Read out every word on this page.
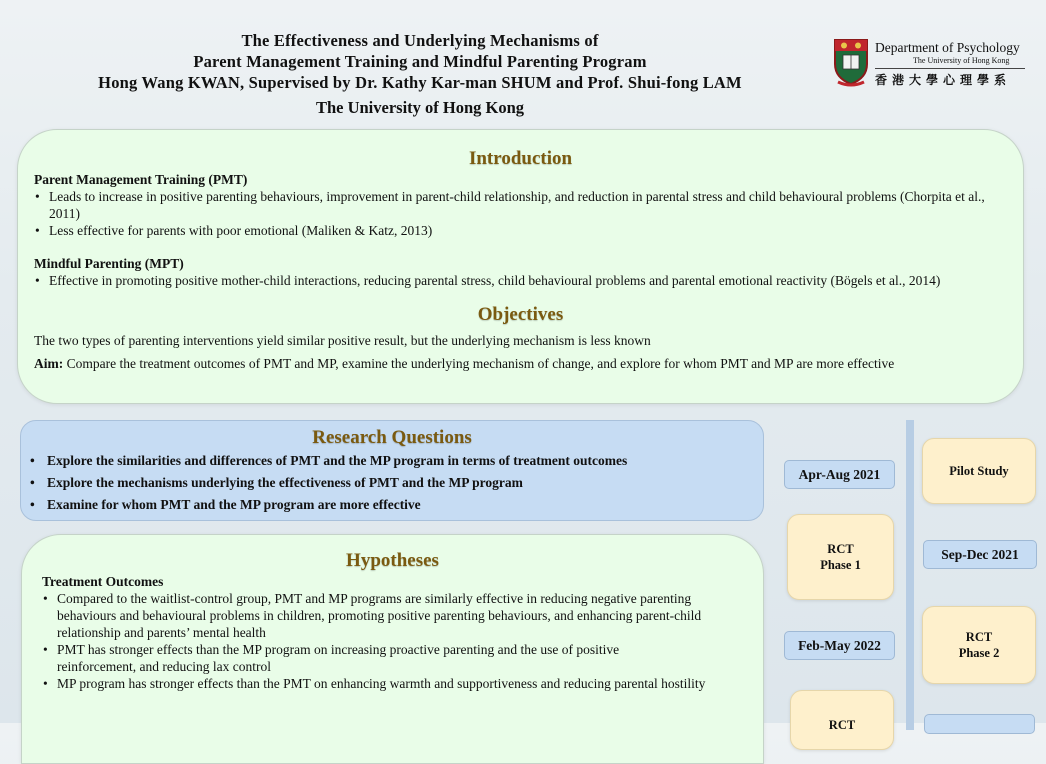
The Effectiveness and Underlying Mechanisms of
Parent Management Training and Mindful Parenting Program
Hong Wang KWAN, Supervised by Dr. Kathy Kar-man SHUM and Prof. Shui-fong LAM
The University of Hong Kong
Department of Psychology
The University of Hong Kong
香港大學心理學系
Introduction
Parent Management Training (PMT)
• Leads to increase in positive parenting behaviours, improvement in parent-child relationship, and reduction in parental stress and child behavioural problems (Chorpita et al., 2011)
• Less effective for parents with poor emotional (Maliken & Katz, 2013)
Mindful Parenting (MPT)
• Effective in promoting positive mother-child interactions, reducing parental stress, child behavioural problems and parental emotional reactivity (Bögels et al., 2014)
Objectives
The two types of parenting interventions yield similar positive result, but the underlying mechanism is less known
Aim: Compare the treatment outcomes of PMT and MP, examine the underlying mechanism of change, and explore for whom PMT and MP are more effective
Research Questions
• Explore the similarities and differences of PMT and the MP program in terms of treatment outcomes
• Explore the mechanisms underlying the effectiveness of PMT and the MP program
• Examine for whom PMT and the MP program are more effective
Hypotheses
Treatment Outcomes
• Compared to the waitlist-control group, PMT and MP programs are similarly effective in reducing negative parenting behaviours and behavioural problems in children, promoting positive parenting behaviours, and enhancing parent-child relationship and parents’ mental health
• PMT has stronger effects than the MP program on increasing proactive parenting and the use of positive reinforcement, and reducing lax control
• MP program has stronger effects than the PMT on enhancing warmth and supportiveness and reducing parental hostility
Apr-Aug 2021
Sep-Dec 2021
Feb-May 2022
Pilot Study
RCT
Phase 1
RCT
Phase 2
RCT
